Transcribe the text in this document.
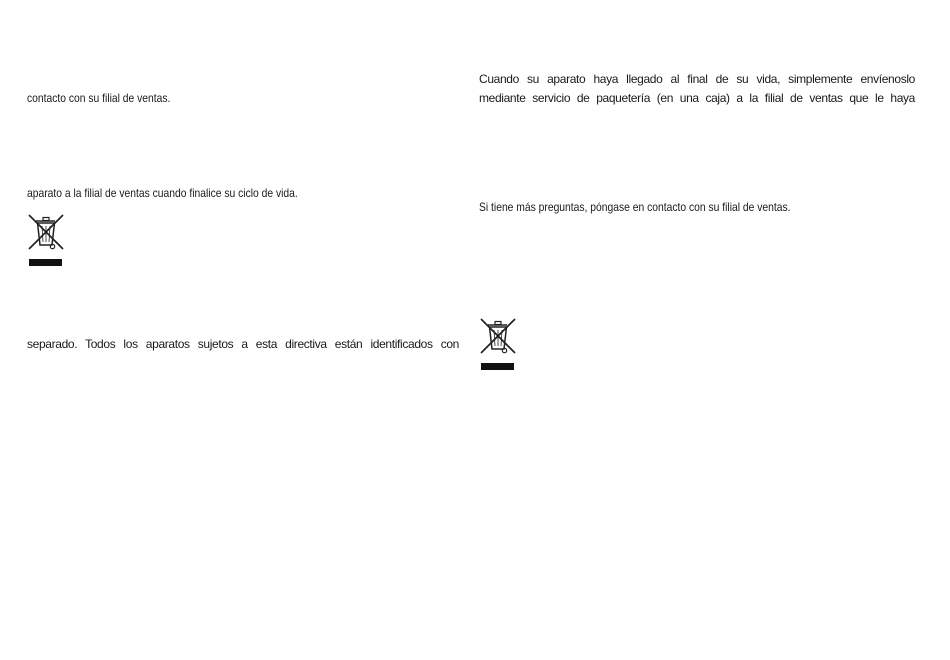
contacto con su filial de ventas.
aparato a la filial de ventas cuando finalice su ciclo de vida.
separado. Todos los aparatos sujetos a esta directiva están identificados con
Cuando su aparato haya llegado al final de su vida, simplemente envíenoslo
mediante servicio de paquetería (en una caja) a la filial de ventas que le haya
Si tiene más preguntas, póngase en contacto con su filial de ventas.
